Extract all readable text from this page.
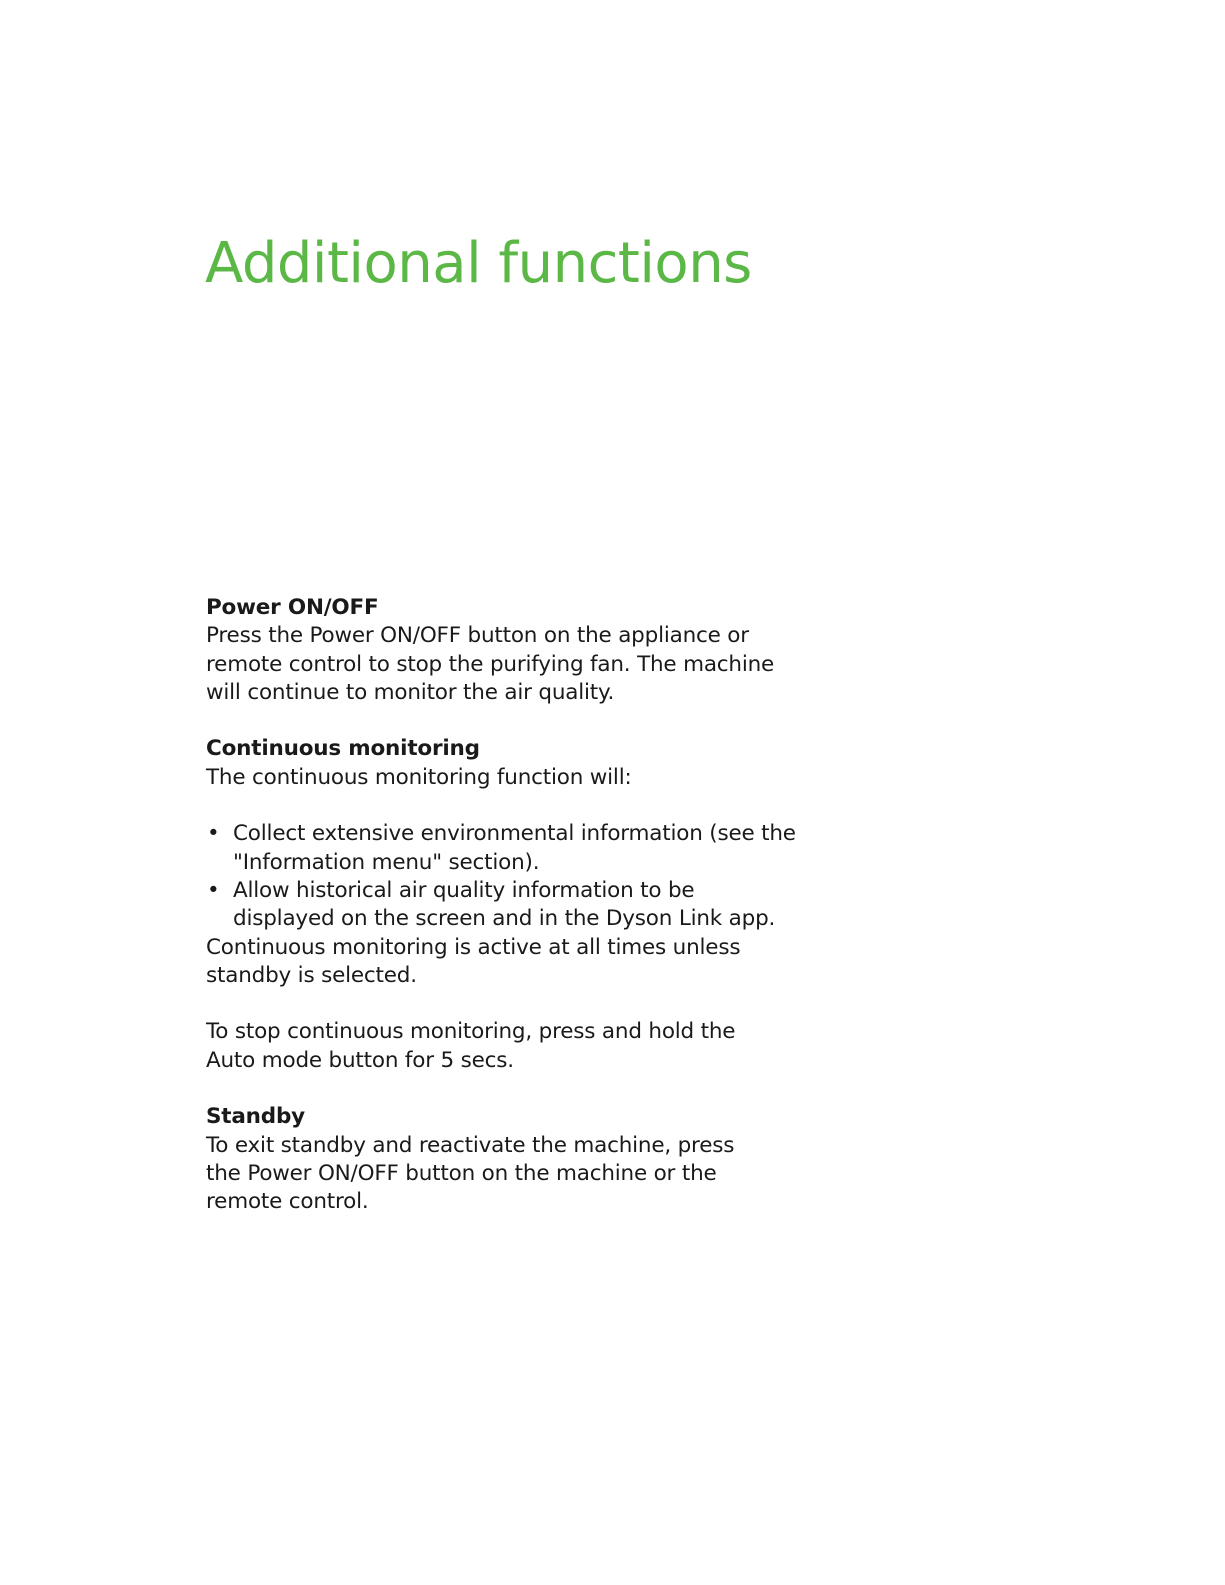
Additional functions
Power ON/OFF
Press the Power ON/OFF button on the appliance or
remote control to stop the purifying fan. The machine
will continue to monitor the air quality.
Continuous monitoring
The continuous monitoring function will:
• Collect extensive environmental information (see the
"Information menu" section).
• Allow historical air quality information to be
displayed on the screen and in the Dyson Link app.
Continuous monitoring is active at all times unless
standby is selected.
To stop continuous monitoring, press and hold the
Auto mode button for 5 secs.
Standby
To exit standby and reactivate the machine, press
the Power ON/OFF button on the machine or the
remote control.
